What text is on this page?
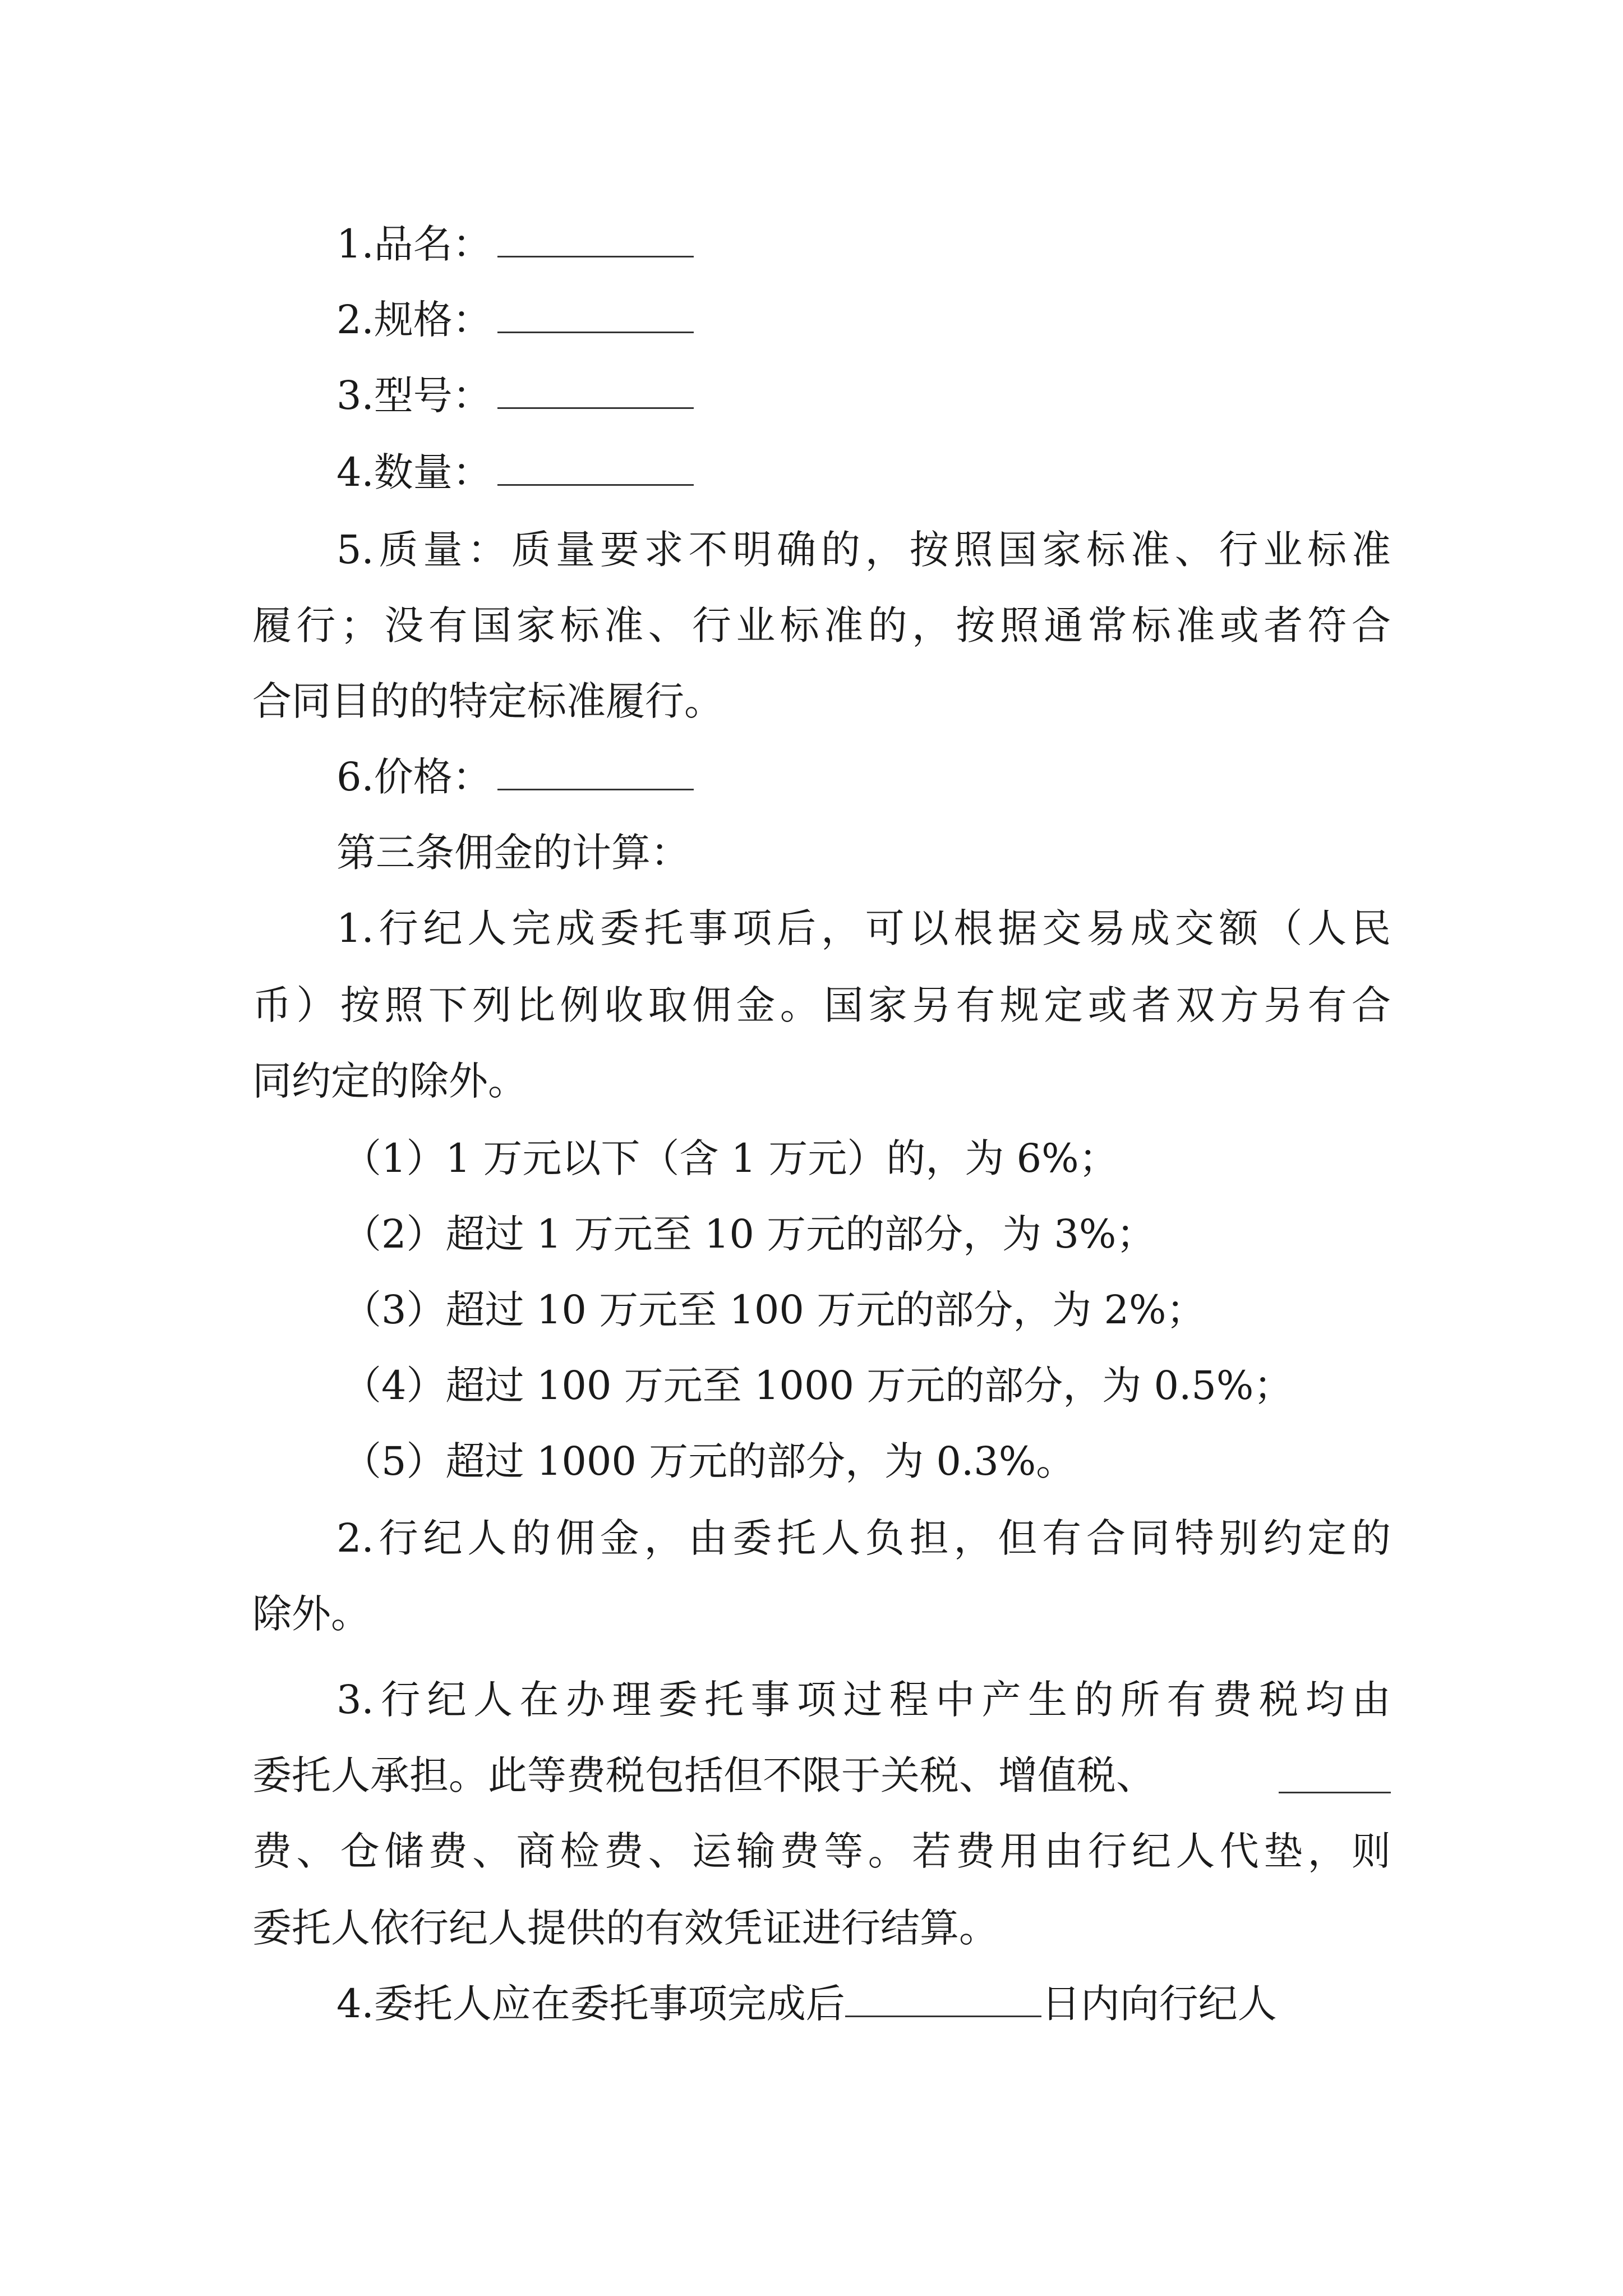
1.品名：
2.规格：
3.型号：
4.数量：
5.质量：质量要求不明确的，按照国家标准、行业标准
履行；没有国家标准、行业标准的，按照通常标准或者符合
合同目的的特定标准履行。
6.价格：
第三条佣金的计算：
1.行纪人完成委托事项后，可以根据交易成交额（人民
币）按照下列比例收取佣金。国家另有规定或者双方另有合
同约定的除外。
（1）1 万元以下（含 1 万元）的，为 6%；
（2）超过 1 万元至 10 万元的部分，为 3%；
（3）超过 10 万元至 100 万元的部分，为 2%；
（4）超过 100 万元至 1000 万元的部分，为 0.5%；
（5）超过 1000 万元的部分，为 0.3%。
2.行纪人的佣金，由委托人负担，但有合同特别约定的
除外。
3.行纪人在办理委托事项过程中产生的所有费税均由
委托人承担。此等费税包括但不限于关税、增值税、
费、仓储费、商检费、运输费等。若费用由行纪人代垫，则
委托人依行纪人提供的有效凭证进行结算。
4.委托人应在委托事项完成后	日内向行纪人
